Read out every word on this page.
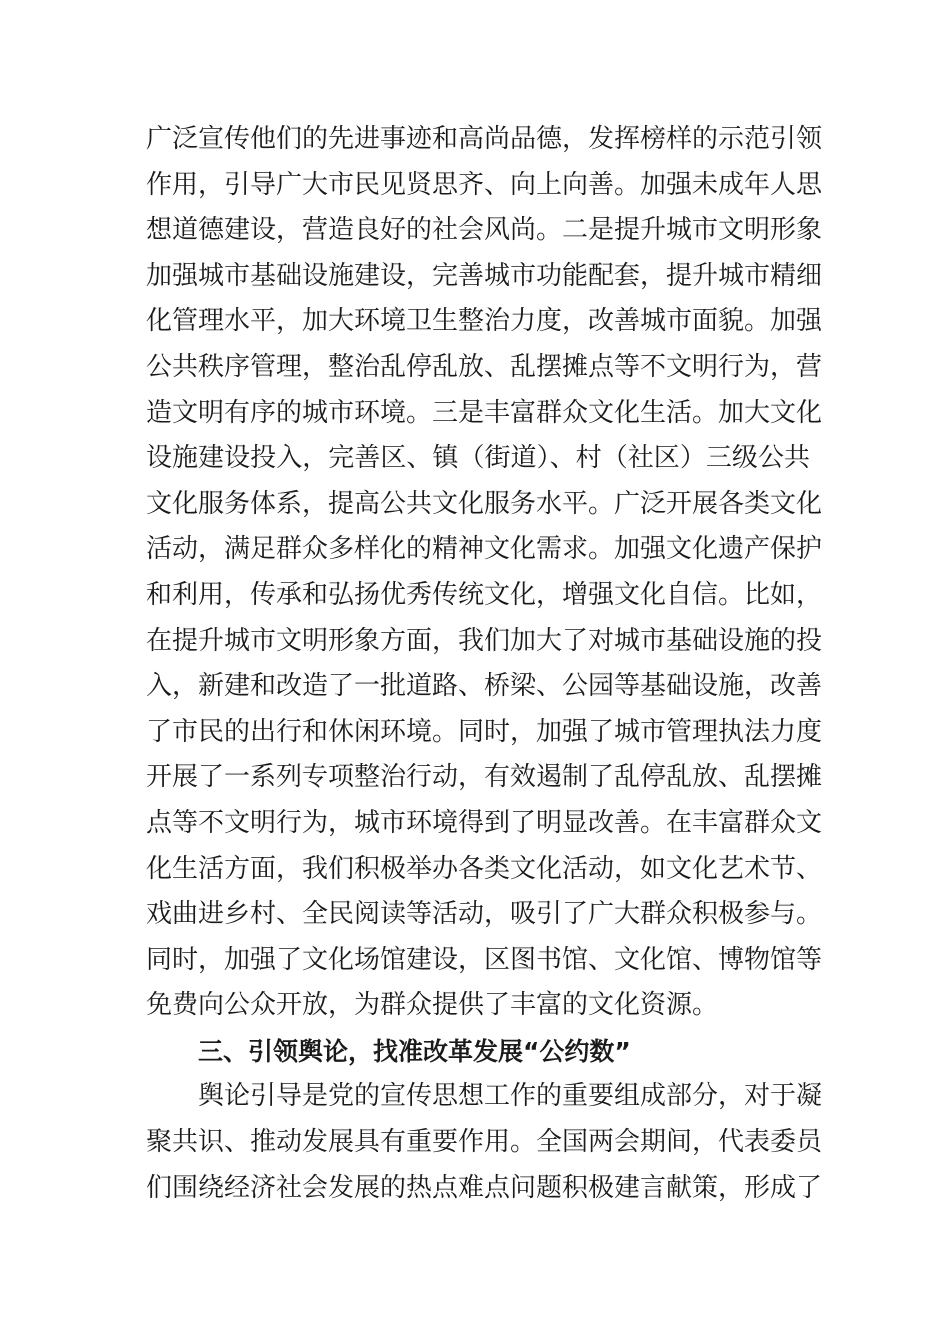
广泛宣传他们的先进事迹和高尚品德，发挥榜样的示范引领
作用，引导广大市民见贤思齐、向上向善。加强未成年人思
想道德建设，营造良好的社会风尚。二是提升城市文明形象
加强城市基础设施建设，完善城市功能配套，提升城市精细
化管理水平，加大环境卫生整治力度，改善城市面貌。加强
公共秩序管理，整治乱停乱放、乱摆摊点等不文明行为，营
造文明有序的城市环境。三是丰富群众文化生活。加大文化
设施建设投入，完善区、镇（街道）、村（社区）三级公共
文化服务体系，提高公共文化服务水平。广泛开展各类文化
活动，满足群众多样化的精神文化需求。加强文化遗产保护
和利用，传承和弘扬优秀传统文化，增强文化自信。比如，
在提升城市文明形象方面，我们加大了对城市基础设施的投
入，新建和改造了一批道路、桥梁、公园等基础设施，改善
了市民的出行和休闲环境。同时，加强了城市管理执法力度
开展了一系列专项整治行动，有效遏制了乱停乱放、乱摆摊
点等不文明行为，城市环境得到了明显改善。在丰富群众文
化生活方面，我们积极举办各类文化活动，如文化艺术节、
戏曲进乡村、全民阅读等活动，吸引了广大群众积极参与。
同时，加强了文化场馆建设，区图书馆、文化馆、博物馆等
免费向公众开放，为群众提供了丰富的文化资源。
三、引领舆论，找准改革发展“公约数”
舆论引导是党的宣传思想工作的重要组成部分，对于凝
聚共识、推动发展具有重要作用。全国两会期间，代表委员
们围绕经济社会发展的热点难点问题积极建言献策，形成了
